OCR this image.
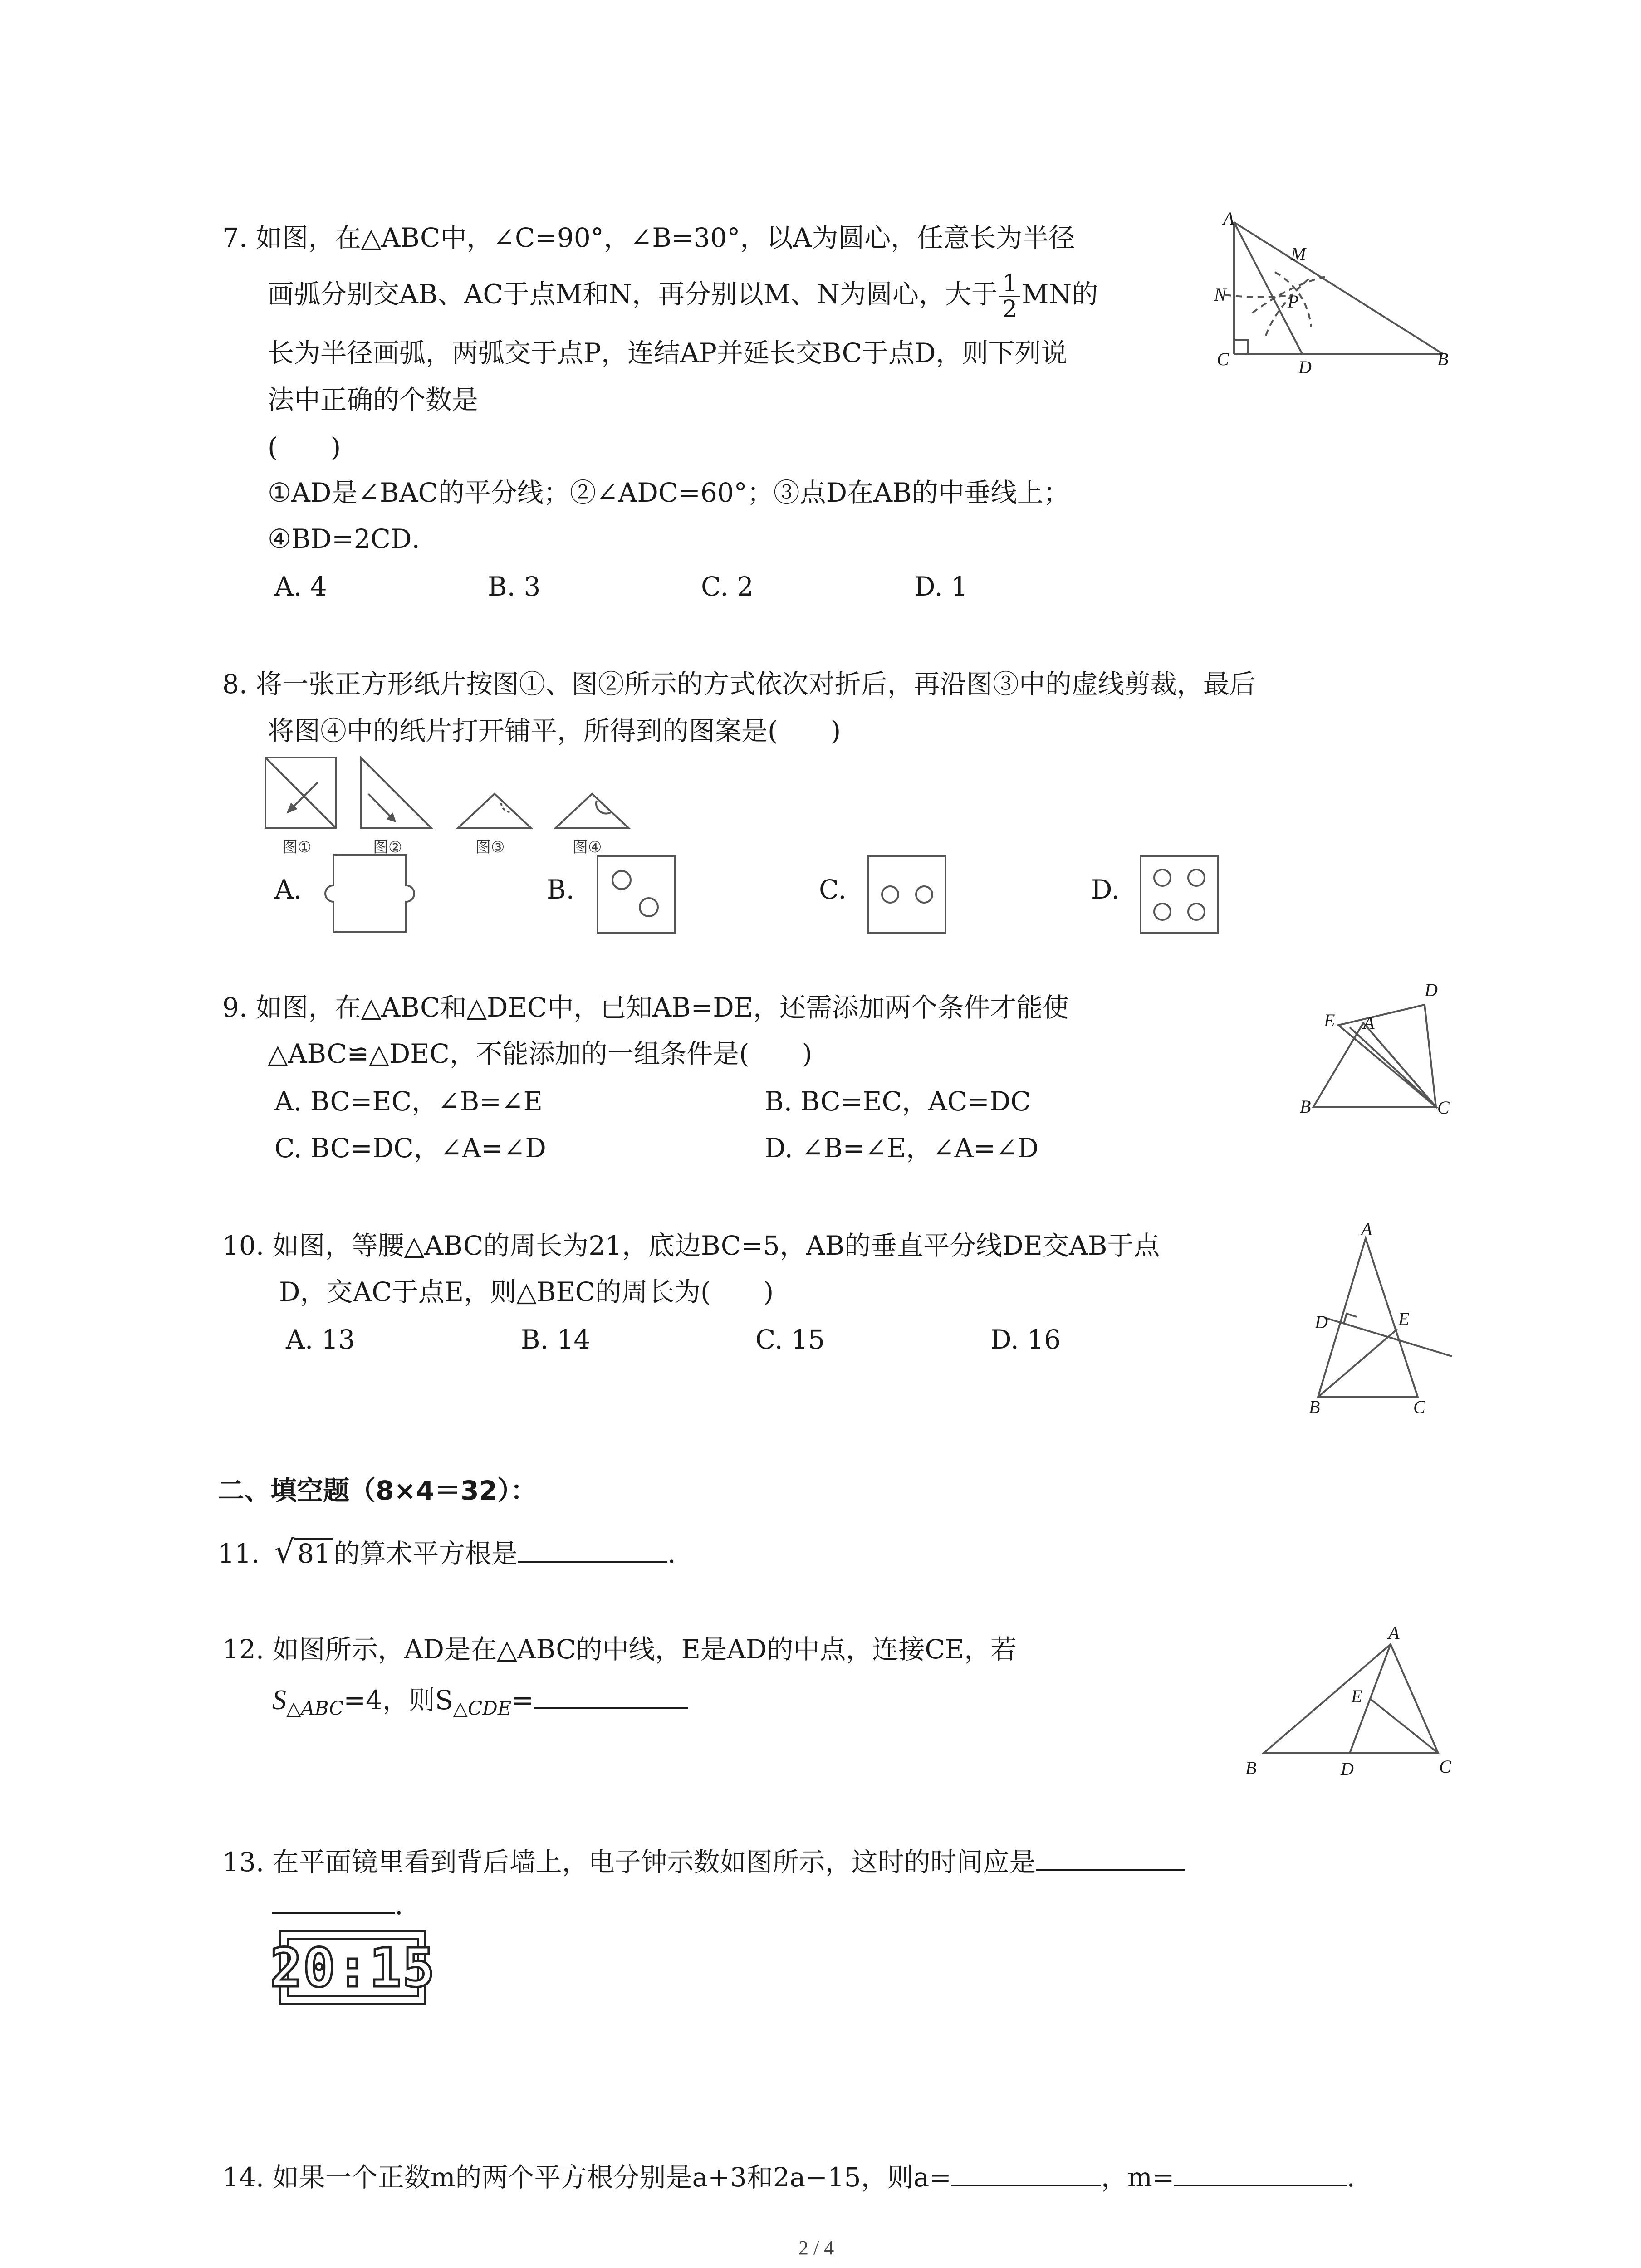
7. 如图，在△ABC中，∠C=90°，∠B=30°，以A为圆心，任意长为半径
画弧分别交AB、AC于点M和N，再分别以M、N为圆心，大于 $\frac{1}{2}$ MN的
长为半径画弧，两弧交于点P，连结AP并延长交BC于点D，则下列说
法中正确的个数是
(　　)
①AD是∠BAC的平分线；②∠ADC=60°；③点D在AB的中垂线上；
④BD=2CD．
A. 4	B. 3	C. 2	D. 1
A
M
N	P
C	D	B
8. 将一张正方形纸片按图①、图②所示的方式依次对折后，再沿图③中的虚线剪裁，最后
将图④中的纸片打开铺平，所得到的图案是(　　)
图①	图②	图③	图④
A.	B.	C.	D.
9. 如图，在△ABC和△DEC中，已知AB=DE，还需添加两个条件才能使
△ABC≌△DEC，不能添加的一组条件是(　　)
A. BC=EC，∠B=∠E	B. BC=EC，AC=DC
C. BC=DC，∠A=∠D	D. ∠B=∠E，∠A=∠D
D
E A
B	C
10. 如图，等腰△ABC的周长为21，底边BC=5，AB的垂直平分线DE交AB于点
D，交AC于点E，则△BEC的周长为(　　)
A. 13	B. 14	C. 15	D. 16
A
D	E
B	C
二、填空题（8×4＝32）：
11. √ 81 的算术平方根是	.
12. 如图所示，AD是在△ABC的中线，E是AD的中点，连接CE，若
$S_{\triangle ABC}=4$，则$S_{\triangle CDE}=$
A
E
B	D	C
13. 在平面镜里看到背后墙上，电子钟示数如图所示，这时的时间应是
.
20:15
14. 如果一个正数m的两个平方根分别是a+3和2a−15，则a=	，m=	.
2 / 4
